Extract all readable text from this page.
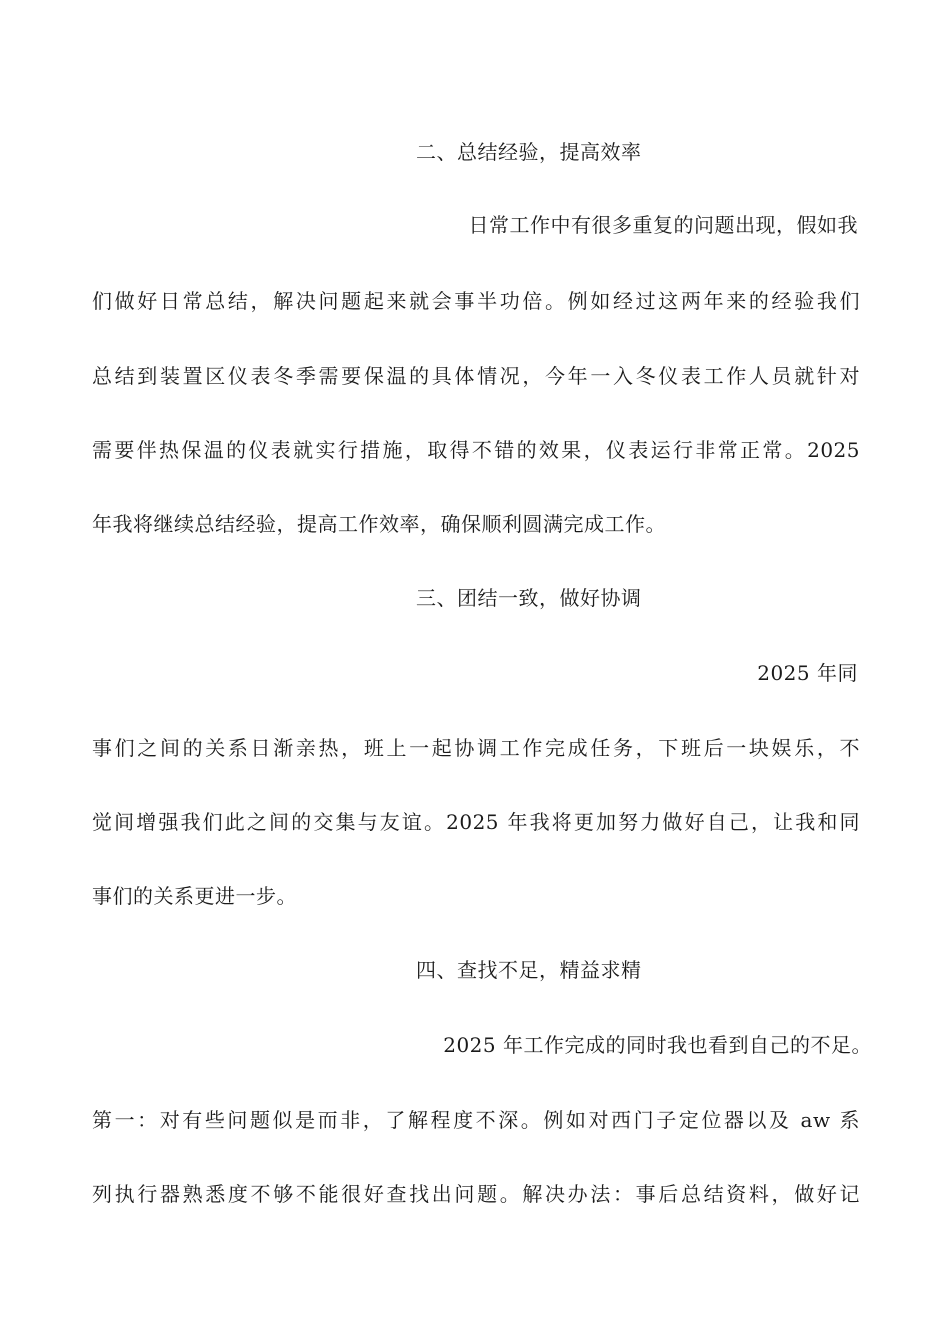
二、总结经验，提高效率
日常工作中有很多重复的问题出现，假如我
们做好日常总结，解决问题起来就会事半功倍。例如经过这两年来的经验我们
总结到装置区仪表冬季需要保温的具体情况，今年一入冬仪表工作人员就针对
需要伴热保温的仪表就实行措施，取得不错的效果，仪表运行非常正常。2025
年我将继续总结经验，提高工作效率，确保顺利圆满完成工作。
三、团结一致，做好协调
2025 年同
事们之间的关系日渐亲热，班上一起协调工作完成任务，下班后一块娱乐，不
觉间增强我们此之间的交集与友谊。2025 年我将更加努力做好自己，让我和同
事们的关系更进一步。
四、查找不足，精益求精
2025 年工作完成的同时我也看到自己的不足。
第一：对有些问题似是而非，了解程度不深。例如对西门子定位器以及 aw 系
列执行器熟悉度不够不能很好查找出问题。解决办法：事后总结资料，做好记
